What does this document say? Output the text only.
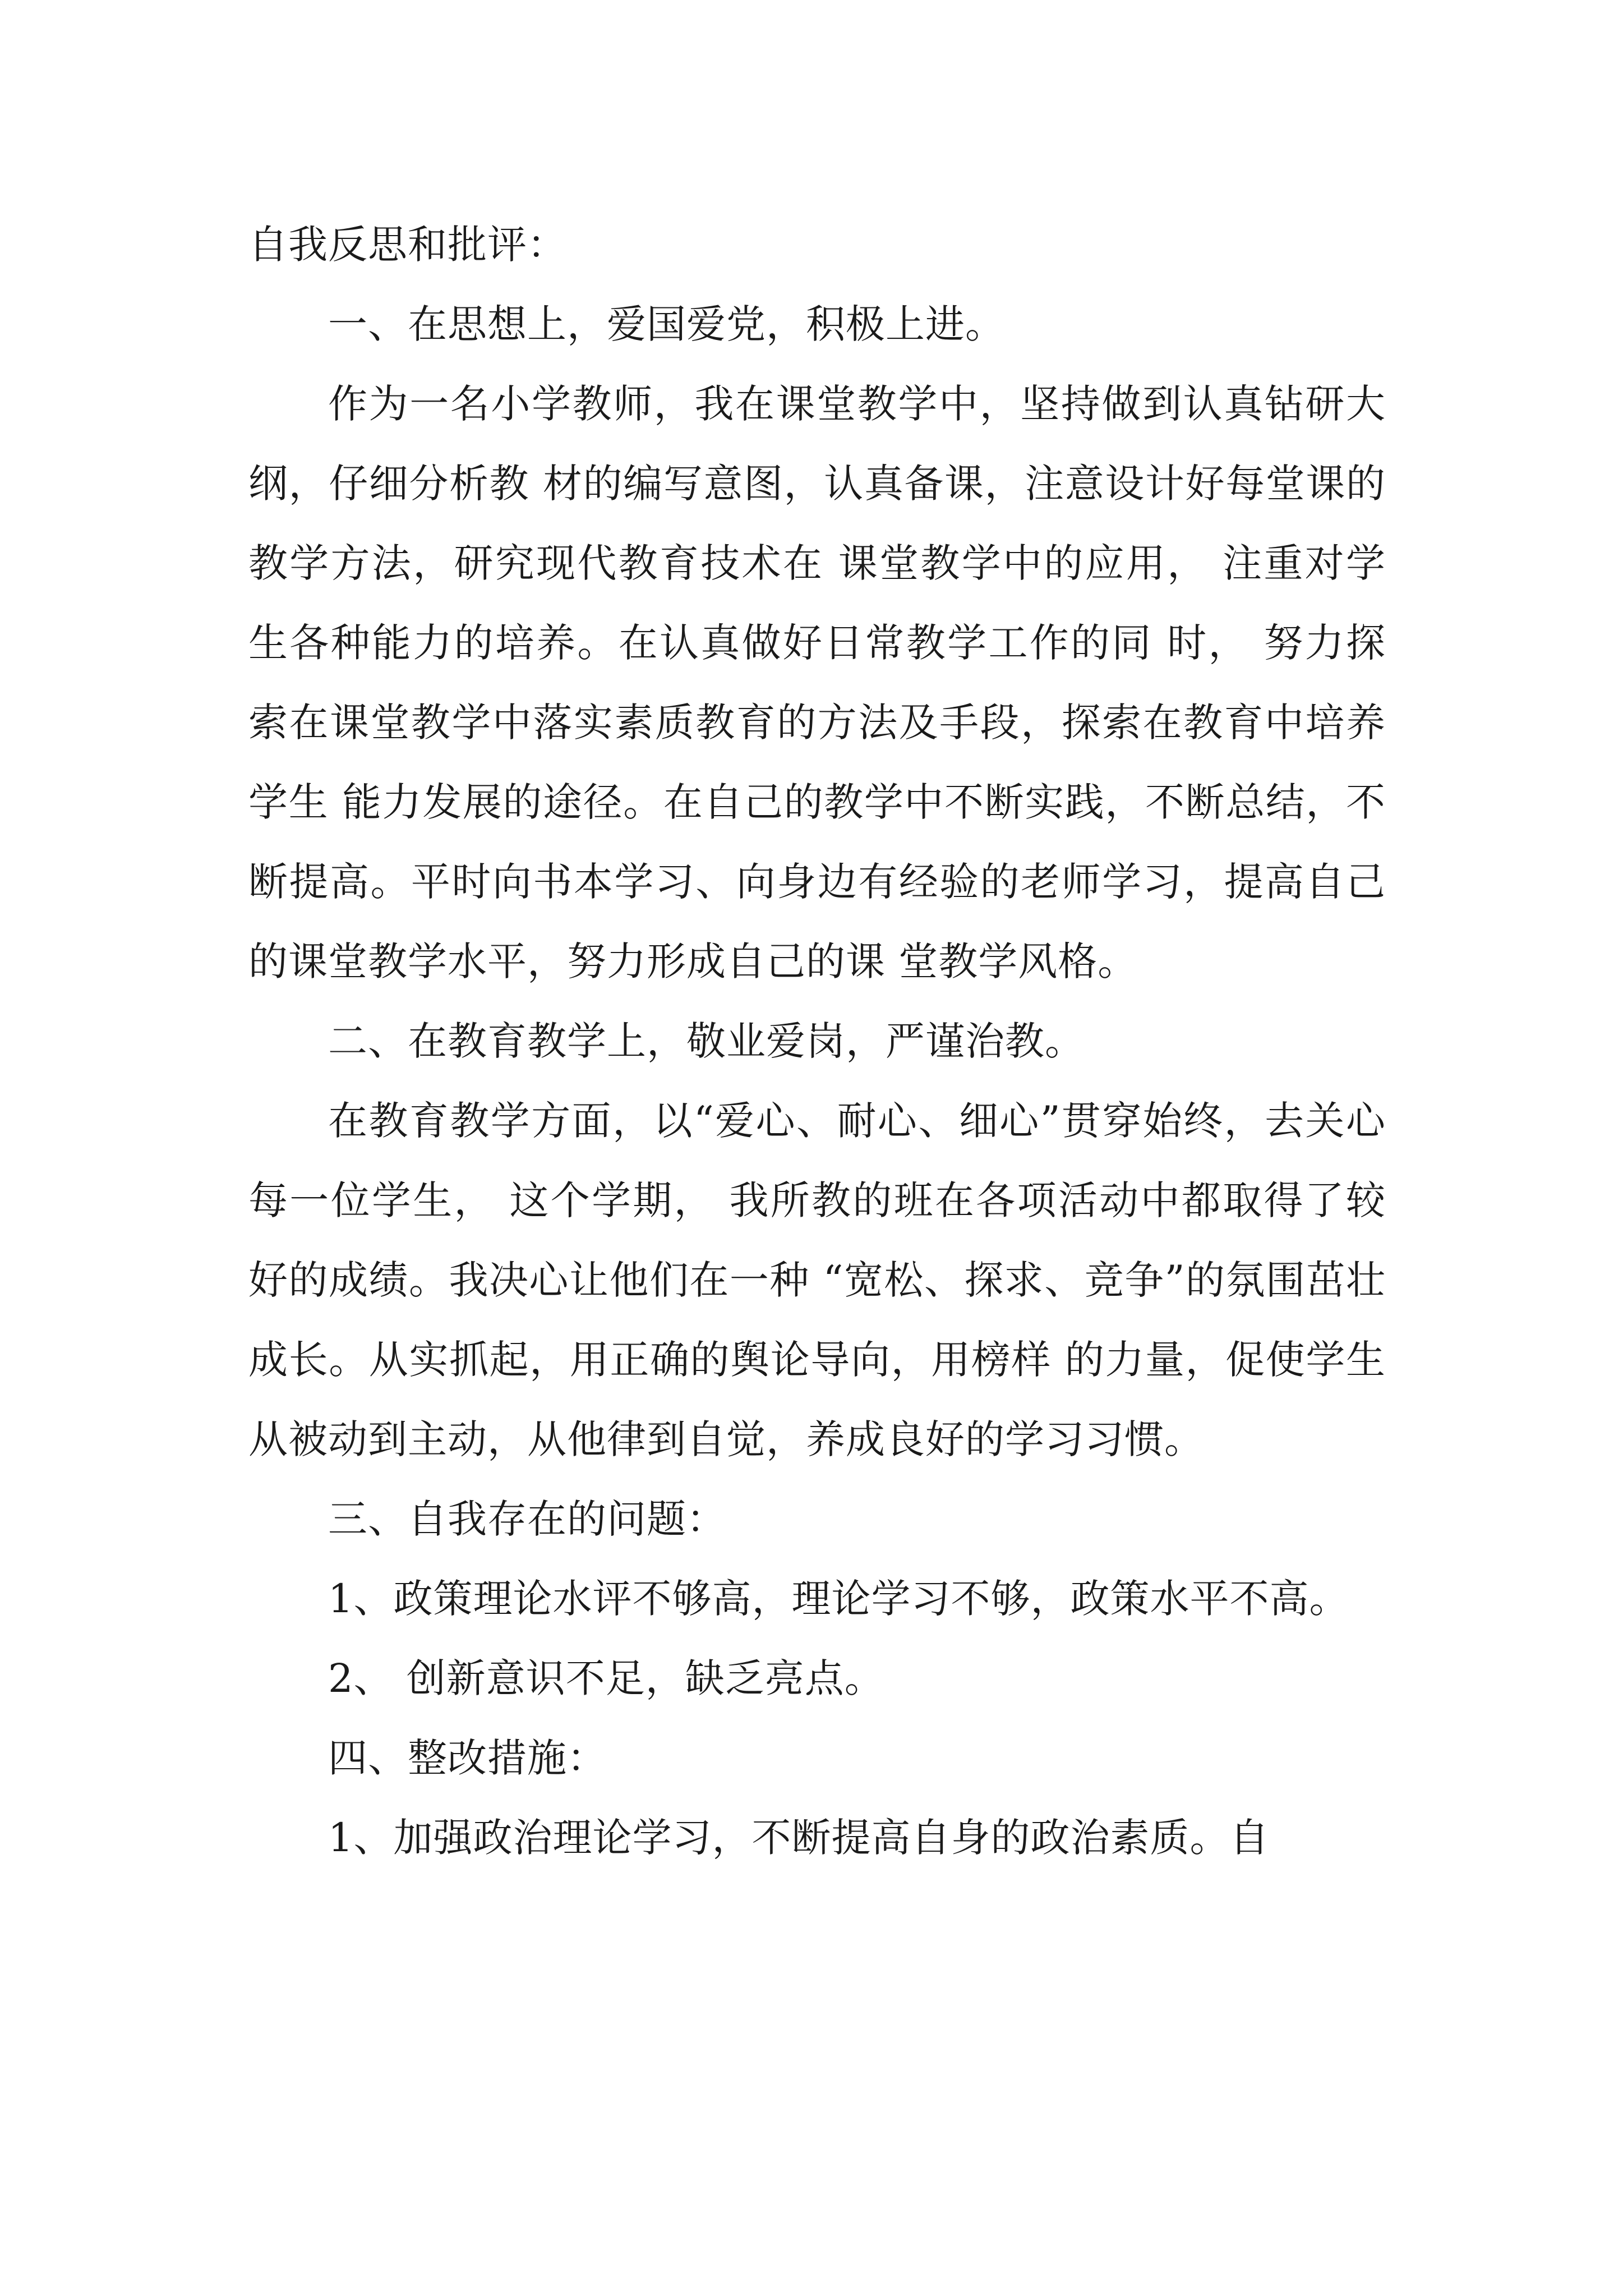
自我反思和批评：

一、在思想上，爱国爱党，积极上进。

作为一名小学教师，我在课堂教学中，坚持做到认真钻研大纲，仔细分析教 材的编写意图，认真备课，注意设计好每堂课的教学方法，研究现代教育技术在 课堂教学中的应用， 注重对学生各种能力的培养。在认真做好日常教学工作的同 时， 努力探索在课堂教学中落实素质教育的方法及手段，探索在教育中培养学生 能力发展的途径。在自己的教学中不断实践，不断总结，不断提高。平时向书本学习、向身边有经验的老师学习，提高自己的课堂教学水平，努力形成自己的课 堂教学风格。

二、在教育教学上，敬业爱岗，严谨治教。

在教育教学方面，以“爱心、耐心、细心”贯穿始终，去关心每一位学生， 这个学期， 我所教的班在各项活动中都取得了较好的成绩。我决心让他们在一种 “宽松、探求、竞争”的氛围茁壮成长。从实抓起，用正确的舆论导向，用榜样 的力量，促使学生从被动到主动，从他律到自觉，养成良好的学习习惯。

三、自我存在的问题：

1、政策理论水评不够高，理论学习不够，政策水平不高。

2、 创新意识不足，缺乏亮点。

四、整改措施：

1、加强政治理论学习，不断提高自身的政治素质。自
